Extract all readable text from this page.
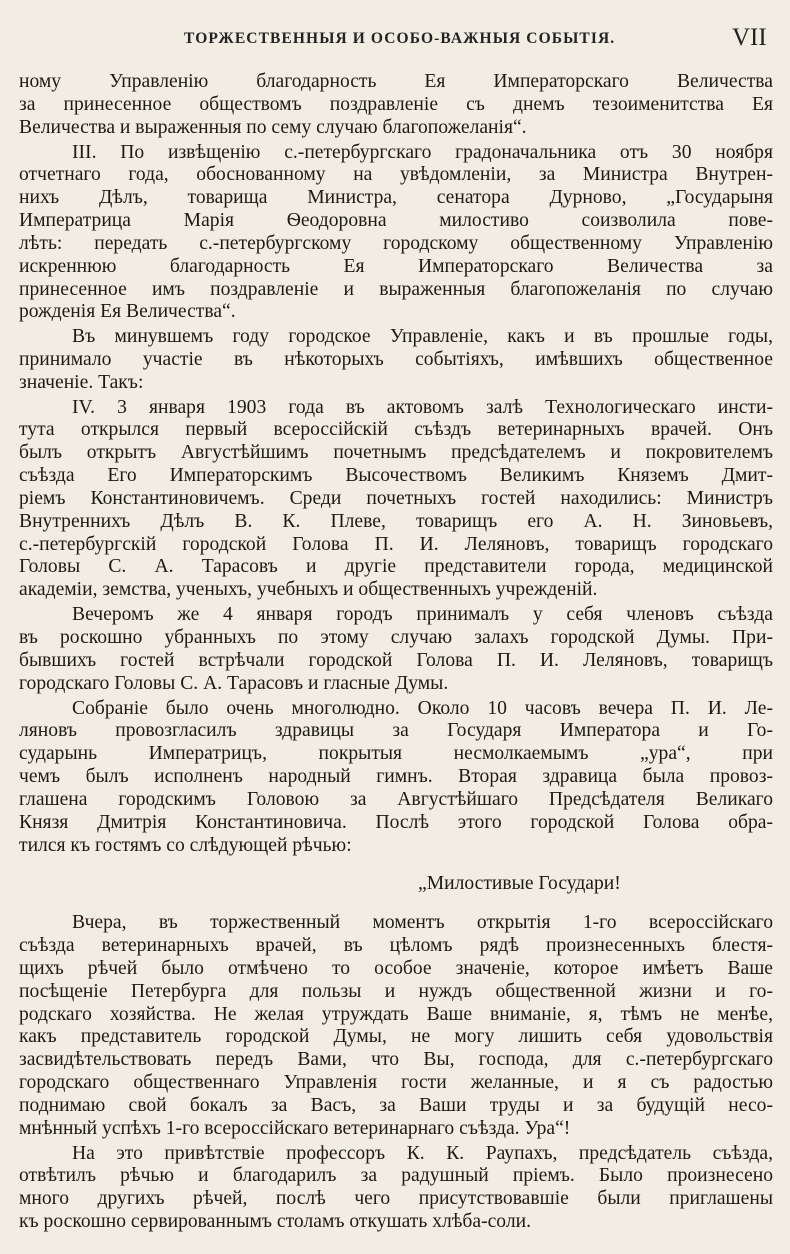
ТОРЖЕСТВЕННЫЯ И ОСОБО-ВАЖНЫЯ СОБЫТІЯ.	VII
ному Управленію благодарность Ея Императорскаго Величества
за принесенное обществомъ поздравленіе съ днемъ тезоименитства Ея
Величества и выраженныя по сему случаю благопожеланія“.
III. По извѣщенію с.-петербургскаго градоначальника отъ 30 ноября
отчетнаго года, обоснованному на увѣдомленіи, за Министра Внутрен-
нихъ Дѣлъ, товарища Министра, сенатора Дурново, „Государыня
Императрица Марія Ѳеодоровна милостиво соизволила пове-
лѣть: передать с.-петербургскому городскому общественному Управленію
искреннюю благодарность Ея Императорскаго Величества за
принесенное имъ поздравленіе и выраженныя благопожеланія по случаю
рожденія Ея Величества“.
Въ минувшемъ году городское Управленіе, какъ и въ прошлые годы,
принимало участіе въ нѣкоторыхъ событіяхъ, имѣвшихъ общественное
значеніе. Такъ:
IV. 3 января 1903 года въ актовомъ залѣ Технологическаго инсти-
тута открылся первый всероссійскій съѣздъ ветеринарныхъ врачей. Онъ
былъ открытъ Августѣйшимъ почетнымъ предсѣдателемъ и покровителемъ
съѣзда Его Императорскимъ Высочествомъ Великимъ Княземъ Дмит-
ріемъ Константиновичемъ. Среди почетныхъ гостей находились: Министръ
Внутреннихъ Дѣлъ В. К. Плеве, товарищъ его А. Н. Зиновьевъ,
с.-петербургскій городской Голова П. И. Леляновъ, товарищъ городскаго
Головы С. А. Тарасовъ и другіе представители города, медицинской
академіи, земства, ученыхъ, учебныхъ и общественныхъ учрежденій.
Вечеромъ же 4 января городъ принималъ у себя членовъ съѣзда
въ роскошно убранныхъ по этому случаю залахъ городской Думы. При-
бывшихъ гостей встрѣчали городской Голова П. И. Леляновъ, товарищъ
городскаго Головы С. А. Тарасовъ и гласные Думы.
Собраніе было очень многолюдно. Около 10 часовъ вечера П. И. Ле-
ляновъ провозгласилъ здравицы за Государя Императора и Го-
сударынь Императрицъ, покрытыя несмолкаемымъ „ура“, при
чемъ былъ исполненъ народный гимнъ. Вторая здравица была провоз-
глашена городскимъ Головою за Августѣйшаго Предсѣдателя Великаго
Князя Дмитрія Константиновича. Послѣ этого городской Голова обра-
тился къ гостямъ со слѣдующей рѣчью:
„Милостивые Государи!
Вчера, въ торжественный моментъ открытія 1-го всероссійскаго
съѣзда ветеринарныхъ врачей, въ цѣломъ рядѣ произнесенныхъ блестя-
щихъ рѣчей было отмѣчено то особое значеніе, которое имѣетъ Ваше
посѣщеніе Петербурга для пользы и нуждъ общественной жизни и го-
родскаго хозяйства. Не желая утруждать Ваше вниманіе, я, тѣмъ не менѣе,
какъ представитель городской Думы, не могу лишить себя удовольствія
засвидѣтельствовать передъ Вами, что Вы, господа, для с.-петербургскаго
городскаго общественнаго Управленія гости желанные, и я съ радостью
поднимаю свой бокалъ за Васъ, за Ваши труды и за будущій несо-
мнѣнный успѣхъ 1-го всероссійскаго ветеринарнаго съѣзда. Ура“!
На это привѣтствіе профессоръ К. К. Раупахъ, предсѣдатель съѣзда,
отвѣтилъ рѣчью и благодарилъ за радушный пріемъ. Было произнесено
много другихъ рѣчей, послѣ чего присутствовавшіе были приглашены
къ роскошно сервированнымъ столамъ откушать хлѣба-соли.
